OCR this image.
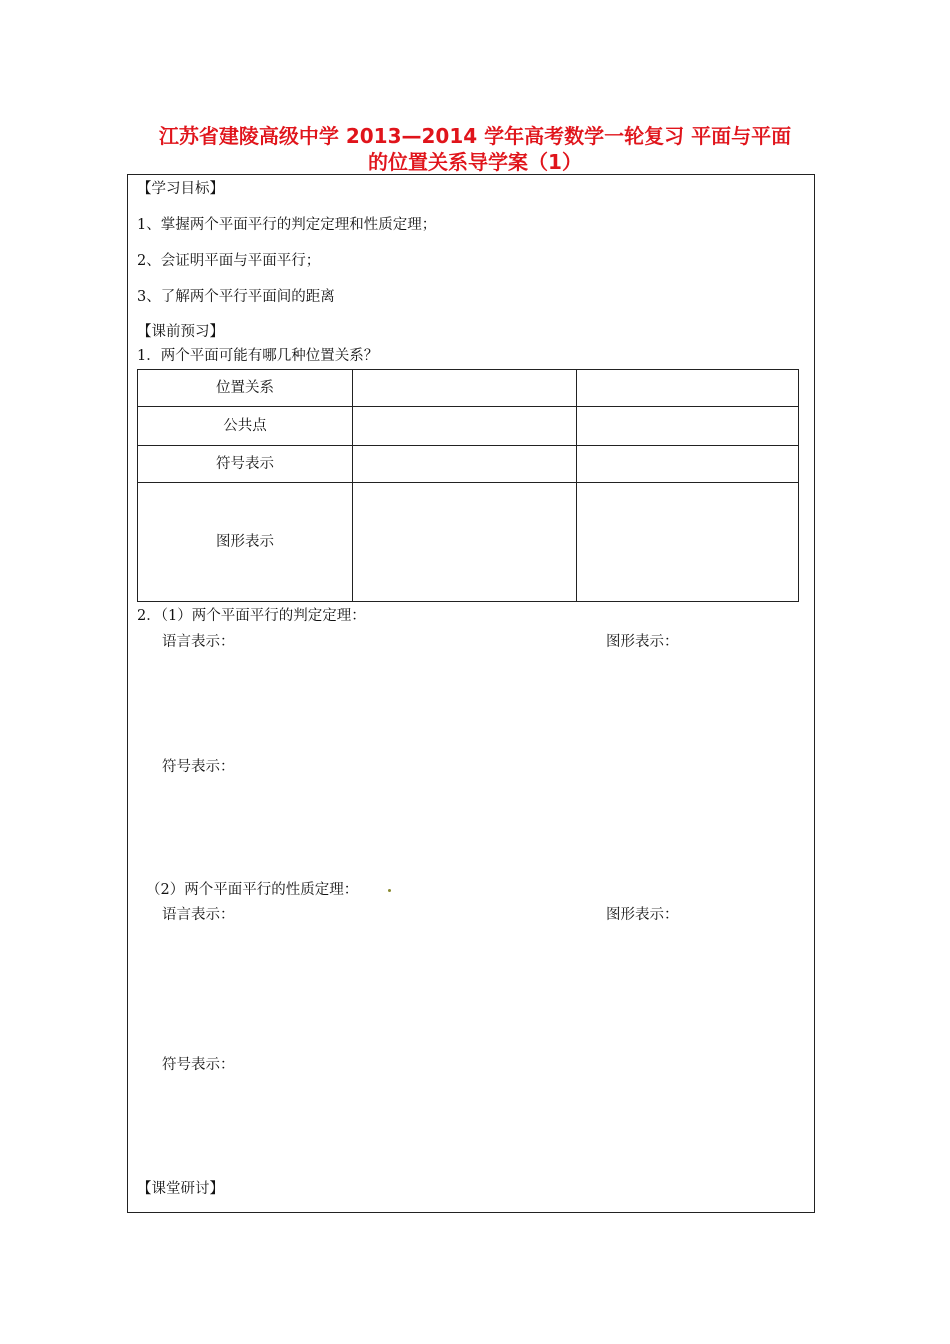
江苏省建陵高级中学 2013—2014 学年高考数学一轮复习 平面与平面
的位置关系导学案（1）
【学习目标】
1、掌握两个平面平行的判定定理和性质定理；
2、会证明平面与平面平行；
3、了解两个平行平面间的距离
【课前预习】
1．两个平面可能有哪几种位置关系？
位置关系
公共点
符号表示
图形表示
2．（1）两个平面平行的判定定理：
语言表示：	图形表示：
符号表示：
（2）两个平面平行的性质定理：
语言表示：	图形表示：
符号表示：
【课堂研讨】
